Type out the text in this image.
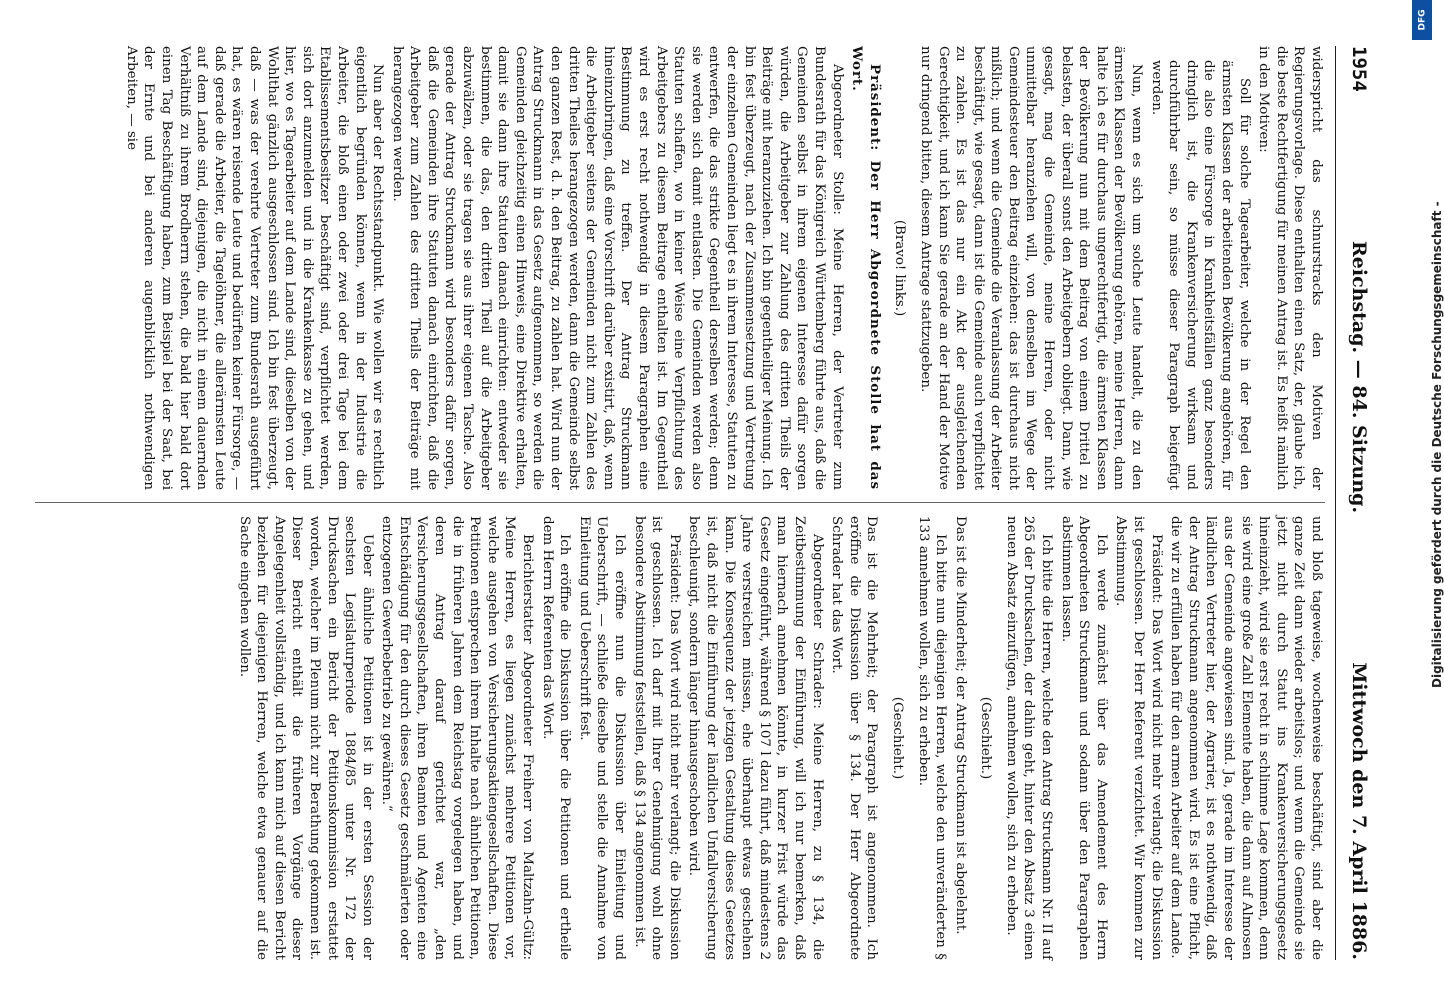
1954
Reichstag. — 84. Sitzung.
Mittwoch den 7. April 1886.

widerspricht das schnurstracks den Motiven der Regierungsvorlage. Diese enthalten einen Satz, der, glaube ich, die beste Rechtfertigung für meinen Antrag ist. Es heißt nämlich in den Motiven:

Soll für solche Tagearbeiter, welche in der Regel den ärmsten Klassen der arbeitenden Bevölkerung angehören, für die also eine Fürsorge in Krankheitsfällen ganz besonders dringlich ist, die Krankenversicherung wirksam und durchführbar sein, so müsse dieser Paragraph beigefügt werden.

Nun, wenn es sich um solche Leute handelt, die zu den ärmsten Klassen der Bevölkerung gehören, meine Herren, dann halte ich es für durchaus ungerechtfertigt, die ärmsten Klassen der Bevölkerung nun mit dem Beitrag von einem Drittel zu belasten, der überall sonst den Arbeitgebern obliegt. Dann, wie gesagt, mag die Gemeinde, meine Herren, oder nicht unmittelbar heranziehen will, von denselben im Wege der Gemeindesteuer den Beitrag einziehen: das ist durchaus nicht mißlich; und wenn die Gemeinde die Veranlassung der Arbeiter beschäftigt, wie gesagt, dann ist die Gemeinde auch verpflichtet zu zahlen. Es ist das nur ein Akt der ausgleichenden Gerechtigkeit, und ich kann Sie gerade an der Hand der Motive nur dringend bitten, diesem Antrage stattzugeben.

(Bravo! links.)

Präsident: Der Herr Abgeordnete Stolle hat das Wort.

Abgeordneter Stolle: Meine Herren, der Vertreter zum Bundesrath für das Königreich Württemberg führte aus, daß die Gemeinden selbst in ihrem eigenen Interesse dafür sorgen würden, die Arbeitgeber zur Zahlung des dritten Theils der Beiträge mit heranzuziehen. Ich bin gegentheiliger Meinung. Ich bin fest überzeugt, nach der Zusammensetzung und Vertretung der einzelnen Gemeinden liegt es in ihrem Interesse, Statuten zu entwerfen, die das strikte Gegentheil derselben werden; denn sie werden sich damit entlasten. Die Gemeinden werden also Statuten schaffen, wo in keiner Weise eine Verpflichtung des Arbeitgebers zu diesem Beitrage enthalten ist. Im Gegentheil wird es erst recht nothwendig in diesem Paragraphen eine Bestimmung zu treffen. Der Antrag Struckmann hineinzubringen, daß eine Vorschrift darüber existirt, daß, wenn die Arbeitgeber seitens der Gemeinden nicht zum Zahlen des dritten Theiles herangezogen werden, dann die Gemeinde selbst den ganzen Rest, d. h. den Beitrag, zu zahlen hat. Wird nun der Antrag Struckmann in das Gesetz aufgenommen, so werden die Gemeinden gleichzeitig einen Hinweis, eine Direktive erhalten, damit sie dann ihre Statuten danach einrichten: entweder sie bestimmen, die das, den dritten Theil auf die Arbeitgeber abzuwälzen, oder sie tragen sie aus ihrer eigenen Tasche. Also gerade der Antrag Struckmann wird besonders dafür sorgen, daß die Gemeinden ihre Statuten danach einrichten, daß die Arbeitgeber zum Zahlen des dritten Theils der Beiträge mit herangezogen werden.

Nun aber der Rechtsstandpunkt. Wie wollen wir es rechtlich eigentlich begründen können, wenn in der Industrie die Arbeiter, die bloß einen oder zwei oder drei Tage bei dem Etablissementsbesitzer beschäftigt sind, verpflichtet werden, sich dort anzumelden und in die Krankenkasse zu gehen, und hier, wo es Tagearbeiter auf dem Lande sind, dieselben von der Wohlthat gänzlich ausgeschlossen sind. Ich bin fest überzeugt, daß — was der verehrte Vertreter zum Bundesrath ausgeführt hat, es wären reisende Leute und bedürften keiner Fürsorge, — daß gerade die Arbeiter, die Tagelöhner, die allerärmsten Leute auf dem Lande sind, diejenigen, die nicht in einem dauernden Verhältniß zu ihrem Brodherrn stehen, die bald hier bald dort einen Tag Beschäftigung haben, zum Beispiel bei der Saat, bei der Ernte und bei anderen augenblicklich nothwendigen Arbeiten, — sie

und bloß tageweise, wochenweise beschäftigt, sind aber die ganze Zeit dann wieder arbeitslos; und wenn die Gemeinde sie jetzt nicht durch Statut ins Krankenversicherungsgesetz hineinzieht, wird sie erst recht in schlimme Lage kommen, denn sie wird eine große Zahl Elemente haben, die dann auf Almosen aus der Gemeinde angewiesen sind. Ja, gerade im Interesse der ländlichen Vertreter hier, der Agrarier, ist es nothwendig, daß der Antrag Struckmann angenommen wird. Es ist eine Pflicht, die wir zu erfüllen haben für den armen Arbeiter auf dem Lande.

Präsident: Das Wort wird nicht mehr verlangt; die Diskussion ist geschlossen. Der Herr Referent verzichtet. Wir kommen zur Abstimmung.

Ich werde zunächst über das Amendement des Herrn Abgeordneten Struckmann und sodann über den Paragraphen abstimmen lassen.

Ich bitte die Herren, welche den Antrag Struckmann Nr. II auf 265 der Drucksachen, der dahin geht, hinter den Absatz 3 einen neuen Absatz einzufügen, annehmen wollen, sich zu erheben.

(Geschieht.)

Das ist die Minderheit; der Antrag Struckmann ist abgelehnt.

Ich bitte nun diejenigen Herren, welche den unveränderten § 133 annehmen wollen, sich zu erheben.

(Geschieht.)

Das ist die Mehrheit; der Paragraph ist angenommen. Ich eröffne die Diskussion über § 134. Der Herr Abgeordnete Schrader hat das Wort.

Abgeordneter Schrader: Meine Herren, zu § 134, die Zeitbestimmung der Einführung, will ich nur bemerken, daß man hiernach annehmen könnte, in kurzer Frist würde das Gesetz eingeführt, während § 107 l dazu führt, daß mindestens 2 Jahre verstreichen müssen, ehe überhaupt etwas geschehen kann. Die Konsequenz der jetzigen Gestaltung dieses Gesetzes ist, daß nicht die Einführung der ländlichen Unfallversicherung beschleunigt, sondern länger hinausgeschoben wird.

Präsident: Das Wort wird nicht mehr verlangt; die Diskussion ist geschlossen. Ich darf mit Ihrer Genehmigung wohl ohne besondere Abstimmung feststellen, daß § 134 angenommen ist.

Ich eröffne nun die Diskussion über Einleitung und Ueberschrift, — schließe dieselbe und stelle die Annahme von Einleitung und Ueberschrift fest.

Ich eröffne die Diskussion über die Petitionen und ertheile dem Herrn Referenten das Wort.

Berichterstatter Abgeordneter Freiherr von Maltzahn-Gültz: Meine Herren, es liegen zunächst mehrere Petitionen vor, welche ausgehen von Versicherungsaktiengesellschaften. Diese Petitionen entsprechen ihrem Inhalte nach ähnlichen Petitionen, die in früheren Jahren dem Reichstag vorgelegen haben, und deren Antrag darauf gerichtet war, „den Versicherungsgesellschaften, ihren Beamten und Agenten eine Entschädigung für den durch dieses Gesetz geschmälerten oder entzogenen Gewerbebetrieb zu gewähren.“

Ueber ähnliche Petitionen ist in der ersten Session der sechsten Legislaturperiode 1884/85 unter Nr. 172 der Drucksachen ein Bericht der Petitionskommission erstattet worden, welcher im Plenum nicht zur Berathung gekommen ist. Dieser Bericht enthält die früheren Vorgänge dieser Angelegenheit vollständig, und ich kann mich auf diesen Bericht beziehen für diejenigen Herren, welche etwa genauer auf die Sache eingehen wollen.	Digitalisierung gefördert durch die Deutsche Forschungsgemeinschaft -
DFG
